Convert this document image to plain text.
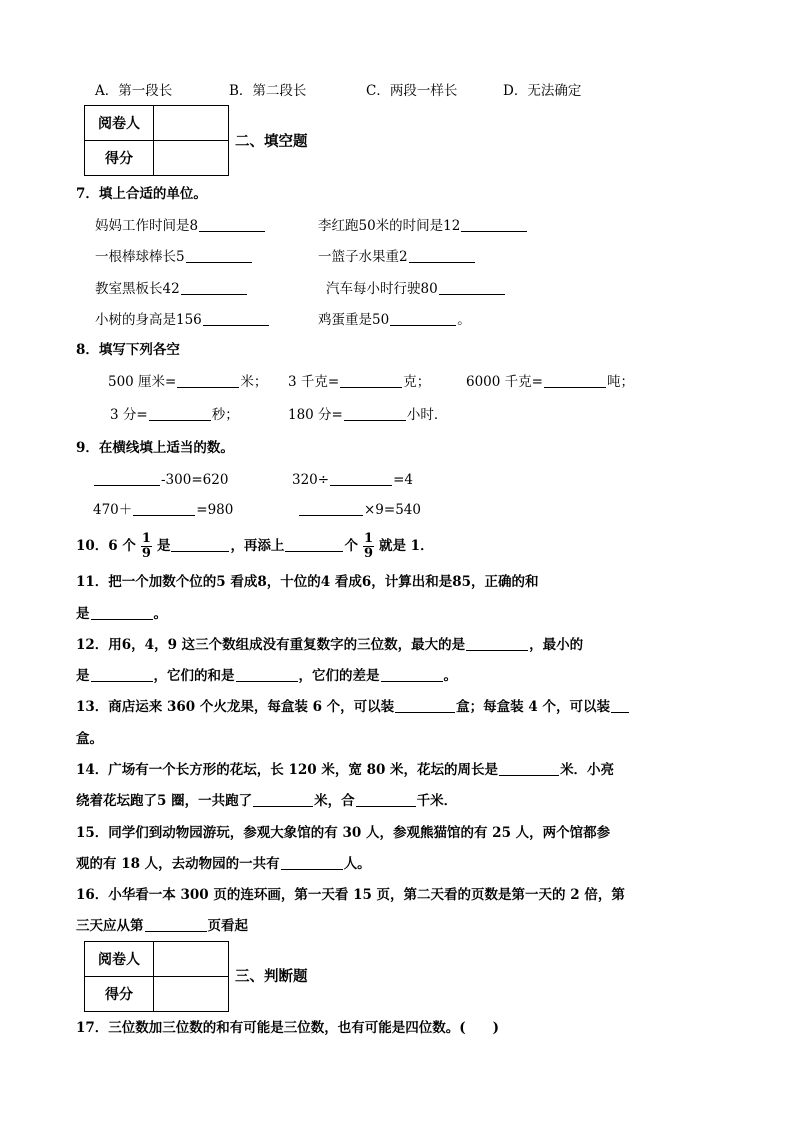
A．第一段长	B．第二段长	C．两段一样长	D．无法确定
阅卷人	
得分	
二、填空题
7．填上合适的单位。
妈妈工作时间是8	李红跑50米的时间是12
一根棒球棒长5	一篮子水果重2
教室黑板长42	汽车每小时行驶80
小树的身高是156	鸡蛋重是50	。
8．填写下列各空
500 厘米=	米； 3 千克=	克；	6000 千克=	吨；
3 分=	秒；	180 分=	小时．
9．在横线填上适当的数。
-300=620	320÷	=4
470＋	=980	×9=540
10．6 个 $\frac{1}{9}$ 是	，再添上	个 $\frac{1}{9}$ 就是 1．
11．把一个加数个位的5 看成8，十位的4 看成6，计算出和是85，正确的和
是	。
12．用6，4，9 这三个数组成没有重复数字的三位数，最大的是	，最小的
是	，它们的和是	，它们的差是	。
13．商店运来 360 个火龙果，每盒装 6 个，可以装	盒；每盒装 4 个，可以装
盒。
14．广场有一个长方形的花坛，长 120 米，宽 80 米，花坛的周长是	米．小亮
绕着花坛跑了5 圈，一共跑了	米，合	千米．
15．同学们到动物园游玩，参观大象馆的有 30 人，参观熊猫馆的有 25 人，两个馆都参
观的有 18 人，去动物园的一共有	人。
16．小华看一本 300 页的连环画，第一天看 15 页，第二天看的页数是第一天的 2 倍，第
三天应从第	页看起
阅卷人	
得分	
三、判断题
17．三位数加三位数的和有可能是三位数，也有可能是四位数。(　　)
